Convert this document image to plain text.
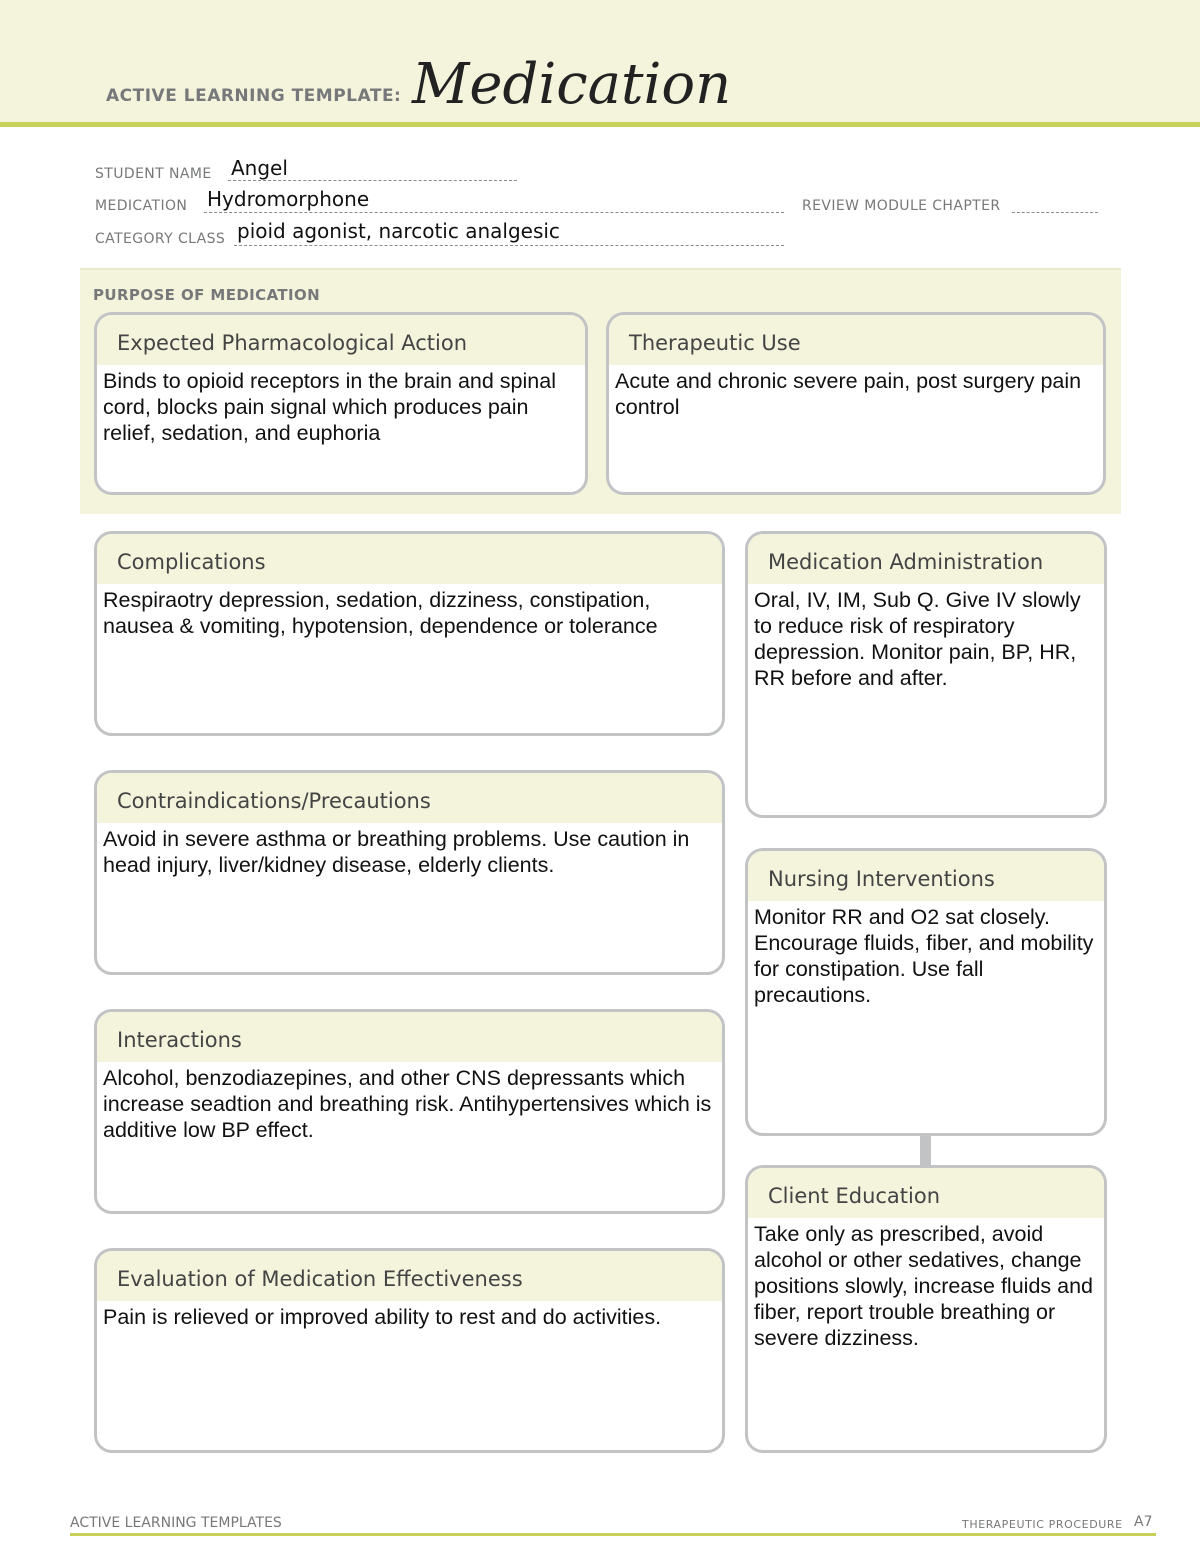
ACTIVE LEARNING TEMPLATE: Medication
STUDENT NAME Angel
MEDICATION Hydromorphone	REVIEW MODULE CHAPTER
CATEGORY CLASS pioid agonist, narcotic analgesic
PURPOSE OF MEDICATION
Expected Pharmacological Action
Binds to opioid receptors in the brain and spinal cord, blocks pain signal which produces pain relief, sedation, and euphoria
Therapeutic Use
Acute and chronic severe pain, post surgery pain control
Complications
Respiraotry depression, sedation, dizziness, constipation, nausea & vomiting, hypotension, dependence or tolerance
Contraindications/Precautions
Avoid in severe asthma or breathing problems. Use caution in head injury, liver/kidney disease, elderly clients.
Interactions
Alcohol, benzodiazepines, and other CNS depressants which increase seadtion and breathing risk. Antihypertensives which is additive low BP effect.
Evaluation of Medication Effectiveness
Pain is relieved or improved ability to rest and do activities.
Medication Administration
Oral, IV, IM, Sub Q. Give IV slowly to reduce risk of respiratory depression. Monitor pain, BP, HR, RR before and after.
Nursing Interventions
Monitor RR and O2 sat closely. Encourage fluids, fiber, and mobility for constipation. Use fall precautions.
Client Education
Take only as prescribed, avoid alcohol or other sedatives, change positions slowly, increase fluids and fiber, report trouble breathing or severe dizziness.
ACTIVE LEARNING TEMPLATES	THERAPEUTIC PROCEDURE A7
